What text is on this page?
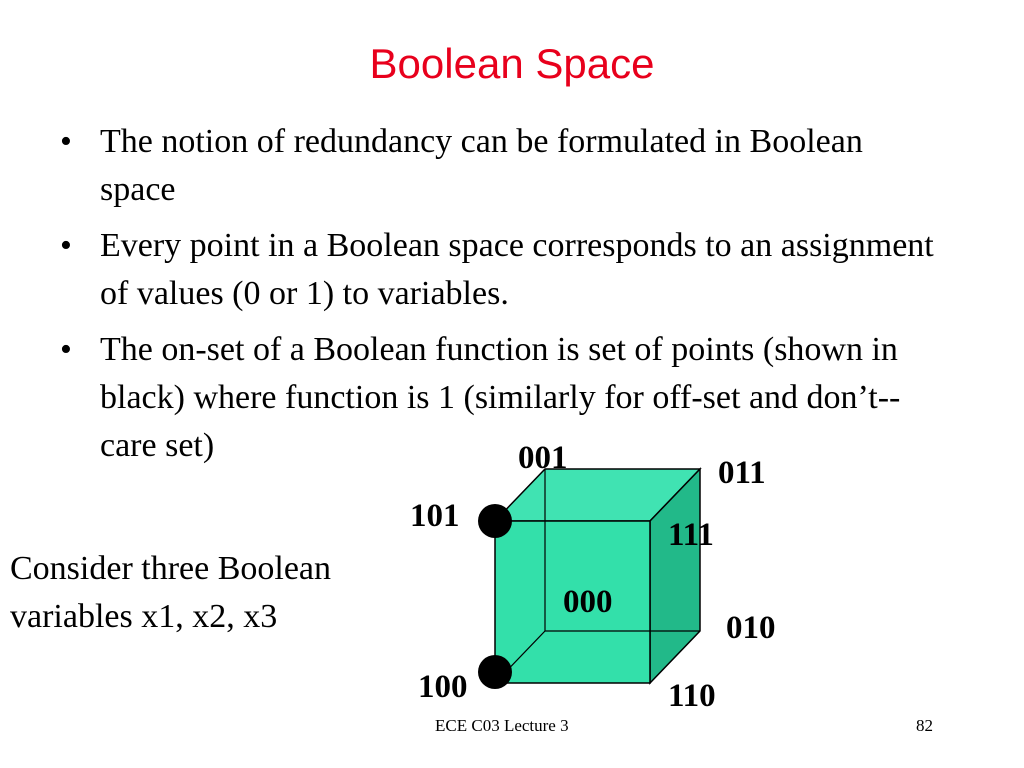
Boolean Space
• The notion of redundancy can be formulated in Boolean space
• Every point in a Boolean space corresponds to an assignment of values (0 or 1) to variables.
• The on-set of a Boolean function is set of points (shown in black) where function is 1 (similarly for off-set and don’t--care set)	001	011
101
111
000
010
100	110
Consider three Boolean variables x1, x2, x3
ECE C03 Lecture 3	82
